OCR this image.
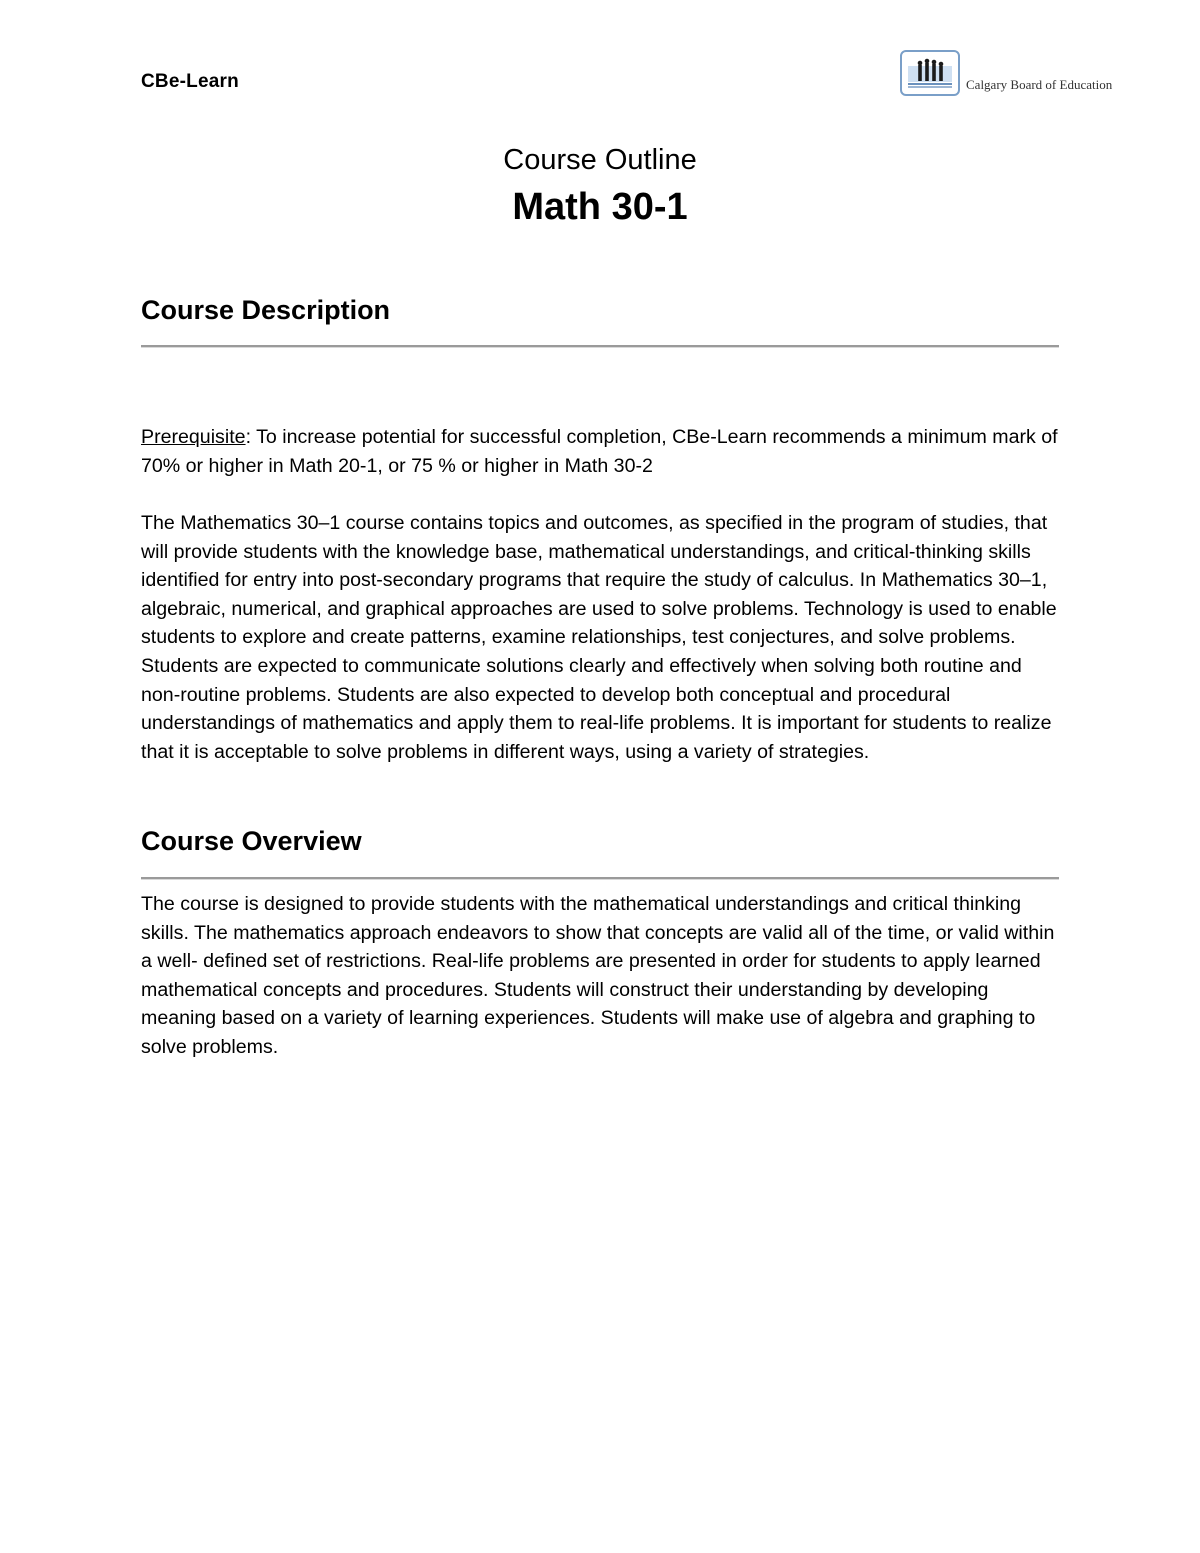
CBe-Learn	Calgary Board of Education
Course Outline
Math 30-1
Course Description

Prerequisite: To increase potential for successful completion, CBe-Learn recommends a minimum mark of 70% or higher in Math 20-1, or 75 % or higher in Math 30-2

The Mathematics 30–1 course contains topics and outcomes, as specified in the program of studies, that will provide students with the knowledge base, mathematical understandings, and critical-thinking skills identified for entry into post-secondary programs that require the study of calculus. In Mathematics 30–1, algebraic, numerical, and graphical approaches are used to solve problems. Technology is used to enable students to explore and create patterns, examine relationships, test conjectures, and solve problems. Students are expected to communicate solutions clearly and effectively when solving both routine and non-routine problems. Students are also expected to develop both conceptual and procedural understandings of mathematics and apply them to real-life problems. It is important for students to realize that it is acceptable to solve problems in different ways, using a variety of strategies.

Course Overview

The course is designed to provide students with the mathematical understandings and critical thinking skills. The mathematics approach endeavors to show that concepts are valid all of the time, or valid within a well- defined set of restrictions. Real-life problems are presented in order for students to apply learned mathematical concepts and procedures. Students will construct their understanding by developing meaning based on a variety of learning experiences. Students will make use of algebra and graphing to solve problems.
